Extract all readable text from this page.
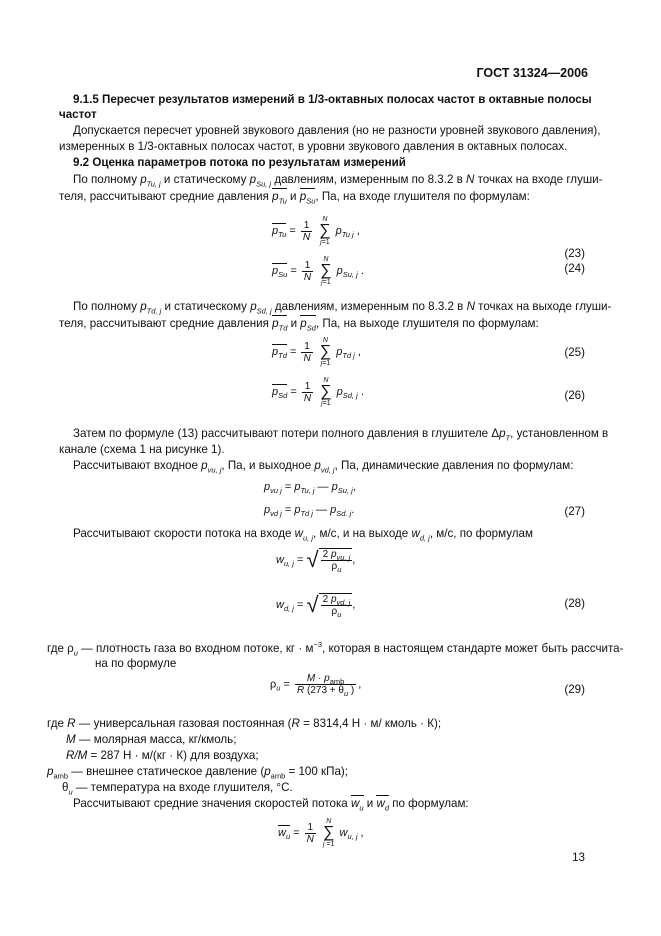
ГОСТ 31324—2006
9.1.5 Пересчет результатов измерений в 1/3-октавных полосах частот в октавные полосы
частот
Допускается пересчет уровней звукового давления (но не разности уровней звукового давления),
измеренных в 1/3-октавных полосах частот, в уровни звукового давления в октавных полосах.
9.2 Оценка параметров потока по результатам измерений
По полному $p_{Tu, j}$ и статическому $p_{Su, j}$ давлениям, измеренным по 8.3.2 в N точках на входе глуши-
теля, рассчитывают средние давления $p_{Tu}$ и $p_{Su}$, Па, на входе глушителя по формулам:
$p_{Tu} = \frac{1}{N}$
	N
∑
j=1
$p_{Tu j}$ ,
(23)
$p_{Su} = \frac{1}{N}$
	N
∑
j=1
$p_{Su, j}$ .	(24)
По полному $p_{Td, j}$ и статическому $p_{Sd, j}$ давлениям, измеренным по 8.3.2 в N точках на выходе глуши-
теля, рассчитывают средние давления $p_{Td}$ и $p_{Sd}$, Па, на выходе глушителя по формулам:
$p_{Td} = \frac{1}{N}$
	N
∑
j=1
$p_{Td j}$ ,	(25)
$p_{Sd} = \frac{1}{N}$
	N
∑
j=1
$p_{Sd, j}$ .	(26)
Затем по формуле (13) рассчитывают потери полного давления в глушителе $\Delta p_T$, установленном в
канале (схема 1 на рисунке 1).
Рассчитывают входное $p_{vu, j}$, Па, и выходное $p_{vd, j}$, Па, динамические давления по формулам:
$p_{vu j} = p_{Tu, j}$ — $p_{Su, j}$,
$p_{vd j} = p_{Td j}$ — $p_{Sd. j}$.	(27)
Рассчитывают скорости потока на входе $w_{u, j}$, м/с, и на выходе $w_{d, j}$, м/с, по формулам
$w_{u, j}$ = √ $\frac{2 p_{vu, j}}{\rho_u}$ ,
$w_{d, j}$ = √ $\frac{2 p_{vd, j}}{\rho_u}$ ,	(28)
где $\rho_u$ — плотность газа во входном потоке, кг · $м^{-3}$, которая в настоящем стандарте может быть рассчита-
на по формуле
$\rho_u = \frac{M \cdot p_{amb}}{R (273 + \theta_u )}$ ,	(29)
где R — универсальная газовая постоянная (R = 8314,4 Н · м/ кмоль · К);
M — молярная масса, кг/кмоль;
R/M = 287 Н · м/(кг · К) для воздуха;
$p_{amb}$ — внешнее статическое давление ($p_{amb} = 100$ кПа);
$\theta_u$ — температура на входе глушителя, °С.
Рассчитывают средние значения скоростей потока $w_u$ и $w_d$ по формулам:
$w_u = \frac{1}{N}$
	N
∑
j =1
$w_{u, j}$ ,
13
